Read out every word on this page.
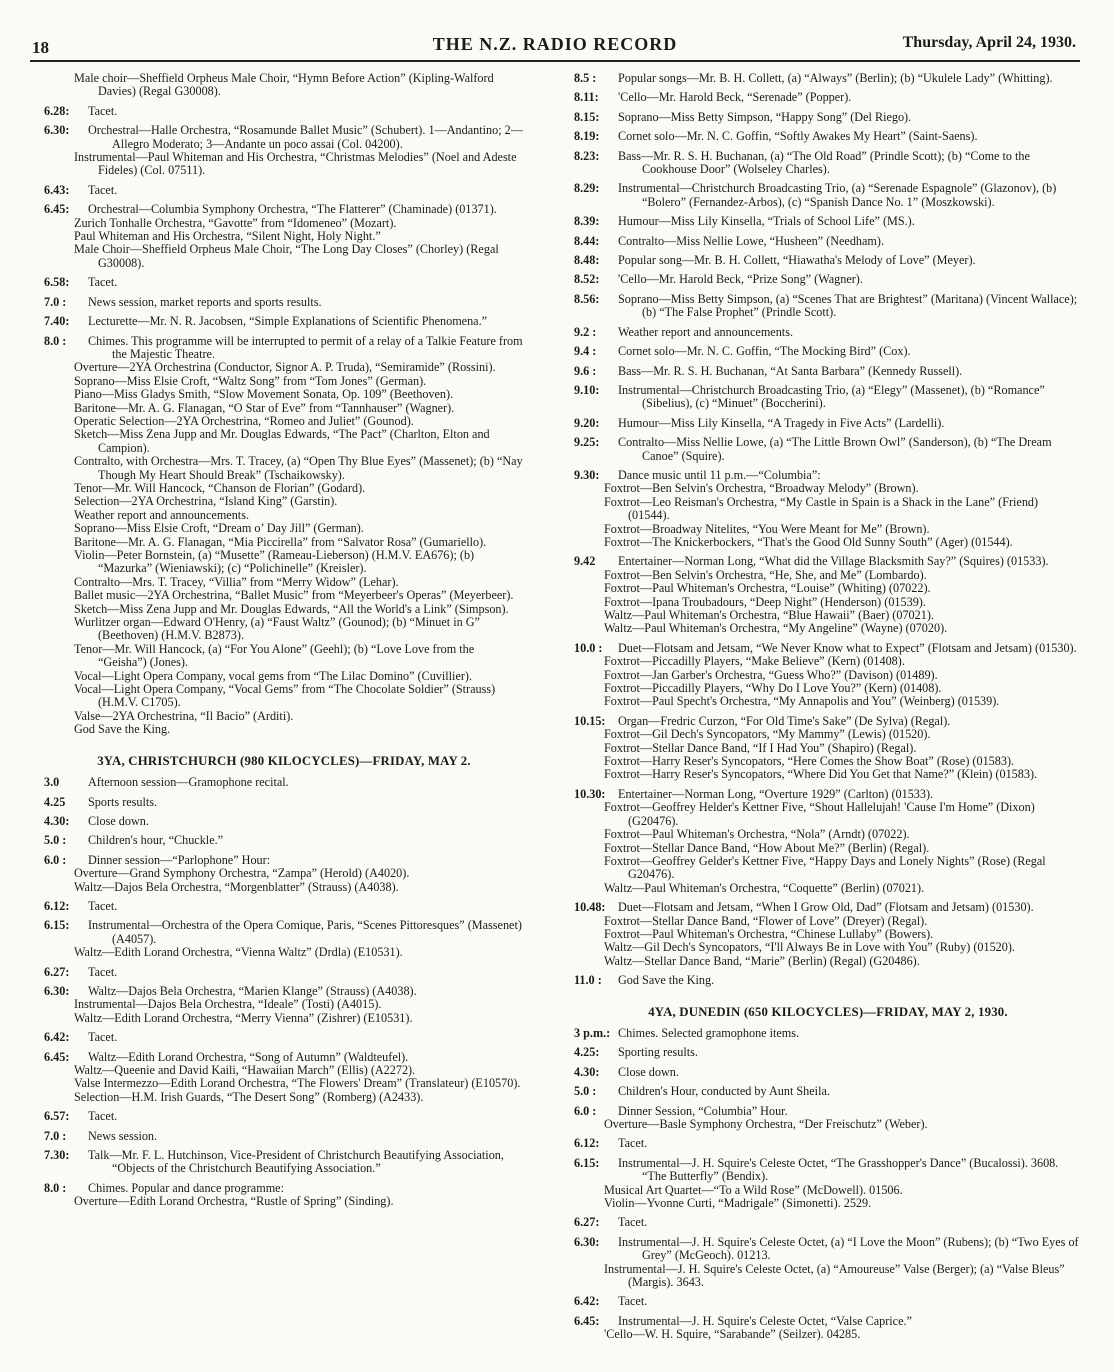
18	THE N.Z. RADIO RECORD	Thursday, April 24, 1930.
Male choir—Sheffield Orpheus Male Choir, “Hymn Before Action” (Kipling-Walford Davies) (Regal G30008).
6.28:	Tacet.
6.30:	Orchestral—Halle Orchestra, “Rosamunde Ballet Music” (Schubert). 1—Andantino; 2—Allegro Moderato; 3—Andante un poco assai (Col. 04200).
Instrumental—Paul Whiteman and His Orchestra, “Christmas Melodies” (Noel and Adeste Fideles) (Col. 07511).
6.43:	Tacet.
6.45:	Orchestral—Columbia Symphony Orchestra, “The Flatterer” (Chaminade) (01371).
Zurich Tonhalle Orchestra, “Gavotte” from “Idomeneo” (Mozart).
Paul Whiteman and His Orchestra, “Silent Night, Holy Night.”
Male Choir—Sheffield Orpheus Male Choir, “The Long Day Closes” (Chorley) (Regal G30008).
6.58:	Tacet.
7.0 :	News session, market reports and sports results.
7.40:	Lecturette—Mr. N. R. Jacobsen, “Simple Explanations of Scientific Phenomena.”
8.0 :	Chimes. This programme will be interrupted to permit of a relay of a Talkie Feature from the Majestic Theatre.
Overture—2YA Orchestrina (Conductor, Signor A. P. Truda), “Semiramide” (Rossini).
Soprano—Miss Elsie Croft, “Waltz Song” from “Tom Jones” (German).
Piano—Miss Gladys Smith, “Slow Movement Sonata, Op. 109” (Beethoven).
Baritone—Mr. A. G. Flanagan, “O Star of Eve” from “Tannhauser” (Wagner).
Operatic Selection—2YA Orchestrina, “Romeo and Juliet” (Gounod).
Sketch—Miss Zena Jupp and Mr. Douglas Edwards, “The Pact” (Charlton, Elton and Campion).
Contralto, with Orchestra—Mrs. T. Tracey, (a) “Open Thy Blue Eyes” (Massenet); (b) “Nay Though My Heart Should Break” (Tschaikowsky).
Tenor—Mr. Will Hancock, “Chanson de Florian” (Godard).
Selection—2YA Orchestrina, “Island King” (Garstin).
Weather report and announcements.
Soprano—Miss Elsie Croft, “Dream o’ Day Jill” (German).
Baritone—Mr. A. G. Flanagan, “Mia Piccirella” from “Salvator Rosa” (Gumariello).
Violin—Peter Bornstein, (a) “Musette” (Rameau-Lieberson) (H.M.V. EA676); (b) “Mazurka” (Wieniawski); (c) “Polichinelle” (Kreisler).
Contralto—Mrs. T. Tracey, “Villia” from “Merry Widow” (Lehar).
Ballet music—2YA Orchestrina, “Ballet Music” from “Meyerbeer's Operas” (Meyerbeer).
Sketch—Miss Zena Jupp and Mr. Douglas Edwards, “All the World's a Link” (Simpson).
Wurlitzer organ—Edward O'Henry, (a) “Faust Waltz” (Gounod); (b) “Minuet in G” (Beethoven) (H.M.V. B2873).
Tenor—Mr. Will Hancock, (a) “For You Alone” (Geehl); (b) “Love Love from the “Geisha”) (Jones).
Vocal—Light Opera Company, vocal gems from “The Lilac Domino” (Cuvillier).
Vocal—Light Opera Company, “Vocal Gems” from “The Chocolate Soldier” (Strauss) (H.M.V. C1705).
Valse—2YA Orchestrina, “Il Bacio” (Arditi).
God Save the King.
3YA, CHRISTCHURCH (980 KILOCYCLES)—FRIDAY, MAY 2.
3.0	Afternoon session—Gramophone recital.
4.25	Sports results.
4.30:	Close down.
5.0 :	Children's hour, “Chuckle.”
6.0 :	Dinner session—“Parlophone” Hour:
Overture—Grand Symphony Orchestra, “Zampa” (Herold) (A4020).
Waltz—Dajos Bela Orchestra, “Morgenblatter” (Strauss) (A4038).
6.12:	Tacet.
6.15:	Instrumental—Orchestra of the Opera Comique, Paris, “Scenes Pittoresques” (Massenet) (A4057).
Waltz—Edith Lorand Orchestra, “Vienna Waltz” (Drdla) (E10531).
6.27:	Tacet.
6.30:	Waltz—Dajos Bela Orchestra, “Marien Klange” (Strauss) (A4038).
Instrumental—Dajos Bela Orchestra, “Ideale” (Tosti) (A4015).
Waltz—Edith Lorand Orchestra, “Merry Vienna” (Zishrer) (E10531).
6.42:	Tacet.
6.45:	Waltz—Edith Lorand Orchestra, “Song of Autumn” (Waldteufel).
Waltz—Queenie and David Kaili, “Hawaiian March” (Ellis) (A2272).
Valse Intermezzo—Edith Lorand Orchestra, “The Flowers' Dream” (Translateur) (E10570).
Selection—H.M. Irish Guards, “The Desert Song” (Romberg) (A2433).
6.57:	Tacet.
7.0 :	News session.
7.30:	Talk—Mr. F. L. Hutchinson, Vice-President of Christchurch Beautifying Association, “Objects of the Christchurch Beautifying Association.”
8.0 :	Chimes. Popular and dance programme:
Overture—Edith Lorand Orchestra, “Rustle of Spring” (Sinding).
8.5 :	Popular songs—Mr. B. H. Collett, (a) “Always” (Berlin); (b) “Ukulele Lady” (Whitting).
8.11:	'Cello—Mr. Harold Beck, “Serenade” (Popper).
8.15:	Soprano—Miss Betty Simpson, “Happy Song” (Del Riego).
8.19:	Cornet solo—Mr. N. C. Goffin, “Softly Awakes My Heart” (Saint-Saens).
8.23:	Bass—Mr. R. S. H. Buchanan, (a) “The Old Road” (Prindle Scott); (b) “Come to the Cookhouse Door” (Wolseley Charles).
8.29:	Instrumental—Christchurch Broadcasting Trio, (a) “Serenade Espagnole” (Glazonov), (b) “Bolero” (Fernandez-Arbos), (c) “Spanish Dance No. 1” (Moszkowski).
8.39:	Humour—Miss Lily Kinsella, “Trials of School Life” (MS.).
8.44:	Contralto—Miss Nellie Lowe, “Husheen” (Needham).
8.48:	Popular song—Mr. B. H. Collett, “Hiawatha's Melody of Love” (Meyer).
8.52:	'Cello—Mr. Harold Beck, “Prize Song” (Wagner).
8.56:	Soprano—Miss Betty Simpson, (a) “Scenes That are Brightest” (Maritana) (Vincent Wallace); (b) “The False Prophet” (Prindle Scott).
9.2 :	Weather report and announcements.
9.4 :	Cornet solo—Mr. N. C. Goffin, “The Mocking Bird” (Cox).
9.6 :	Bass—Mr. R. S. H. Buchanan, “At Santa Barbara” (Kennedy Russell).
9.10:	Instrumental—Christchurch Broadcasting Trio, (a) “Elegy” (Massenet), (b) “Romance” (Sibelius), (c) “Minuet” (Boccherini).
9.20:	Humour—Miss Lily Kinsella, “A Tragedy in Five Acts” (Lardelli).
9.25:	Contralto—Miss Nellie Lowe, (a) “The Little Brown Owl” (Sanderson), (b) “The Dream Canoe” (Squire).
9.30:	Dance music until 11 p.m.—“Columbia”:
Foxtrot—Ben Selvin's Orchestra, “Broadway Melody” (Brown).
Foxtrot—Leo Reisman's Orchestra, “My Castle in Spain is a Shack in the Lane” (Friend) (01544).
Foxtrot—Broadway Nitelites, “You Were Meant for Me” (Brown).
Foxtrot—The Knickerbockers, “That's the Good Old Sunny South” (Ager) (01544).
9.42	Entertainer—Norman Long, “What did the Village Blacksmith Say?” (Squires) (01533).
Foxtrot—Ben Selvin's Orchestra, “He, She, and Me” (Lombardo).
Foxtrot—Paul Whiteman's Orchestra, “Louise” (Whiting) (07022).
Foxtrot—Ipana Troubadours, “Deep Night” (Henderson) (01539).
Waltz—Paul Whiteman's Orchestra, “Blue Hawaii” (Baer) (07021).
Waltz—Paul Whiteman's Orchestra, “My Angeline” (Wayne) (07020).
10.0 :	Duet—Flotsam and Jetsam, “We Never Know what to Expect” (Flotsam and Jetsam) (01530).
Foxtrot—Piccadilly Players, “Make Believe” (Kern) (01408).
Foxtrot—Jan Garber's Orchestra, “Guess Who?” (Davison) (01489).
Foxtrot—Piccadilly Players, “Why Do I Love You?” (Kern) (01408).
Foxtrot—Paul Specht's Orchestra, “My Annapolis and You” (Weinberg) (01539).
10.15:	Organ—Fredric Curzon, “For Old Time's Sake” (De Sylva) (Regal).
Foxtrot—Gil Dech's Syncopators, “My Mammy” (Lewis) (01520).
Foxtrot—Stellar Dance Band, “If I Had You” (Shapiro) (Regal).
Foxtrot—Harry Reser's Syncopators, “Here Comes the Show Boat” (Rose) (01583).
Foxtrot—Harry Reser's Syncopators, “Where Did You Get that Name?” (Klein) (01583).
10.30:	Entertainer—Norman Long, “Overture 1929” (Carlton) (01533).
Foxtrot—Geoffrey Helder's Kettner Five, “Shout Hallelujah! 'Cause I'm Home” (Dixon) (G20476).
Foxtrot—Paul Whiteman's Orchestra, “Nola” (Arndt) (07022).
Foxtrot—Stellar Dance Band, “How About Me?” (Berlin) (Regal).
Foxtrot—Geoffrey Gelder's Kettner Five, “Happy Days and Lonely Nights” (Rose) (Regal G20476).
Waltz—Paul Whiteman's Orchestra, “Coquette” (Berlin) (07021).
10.48:	Duet—Flotsam and Jetsam, “When I Grow Old, Dad” (Flotsam and Jetsam) (01530).
Foxtrot—Stellar Dance Band, “Flower of Love” (Dreyer) (Regal).
Foxtrot—Paul Whiteman's Orchestra, “Chinese Lullaby” (Bowers).
Waltz—Gil Dech's Syncopators, “I'll Always Be in Love with You” (Ruby) (01520).
Waltz—Stellar Dance Band, “Marie” (Berlin) (Regal) (G20486).
11.0 :	God Save the King.
4YA, DUNEDIN (650 KILOCYCLES)—FRIDAY, MAY 2, 1930.
3 p.m.: Chimes. Selected gramophone items.
4.25:	Sporting results.
4.30:	Close down.
5.0 :	Children's Hour, conducted by Aunt Sheila.
6.0 :	Dinner Session, “Columbia” Hour.
Overture—Basle Symphony Orchestra, “Der Freischutz” (Weber).
6.12:	Tacet.
6.15:	Instrumental—J. H. Squire's Celeste Octet, “The Grasshopper's Dance” (Bucalossi). 3608. “The Butterfly” (Bendix).
Musical Art Quartet—“To a Wild Rose” (McDowell). 01506.
Violin—Yvonne Curti, “Madrigale” (Simonetti). 2529.
6.27:	Tacet.
6.30:	Instrumental—J. H. Squire's Celeste Octet, (a) “I Love the Moon” (Rubens); (b) “Two Eyes of Grey” (McGeoch). 01213.
Instrumental—J. H. Squire's Celeste Octet, (a) “Amoureuse” Valse (Berger); (a) “Valse Bleus” (Margis). 3643.
6.42:	Tacet.
6.45:	Instrumental—J. H. Squire's Celeste Octet, “Valse Caprice.”
'Cello—W. H. Squire, “Sarabande” (Seilzer). 04285.
